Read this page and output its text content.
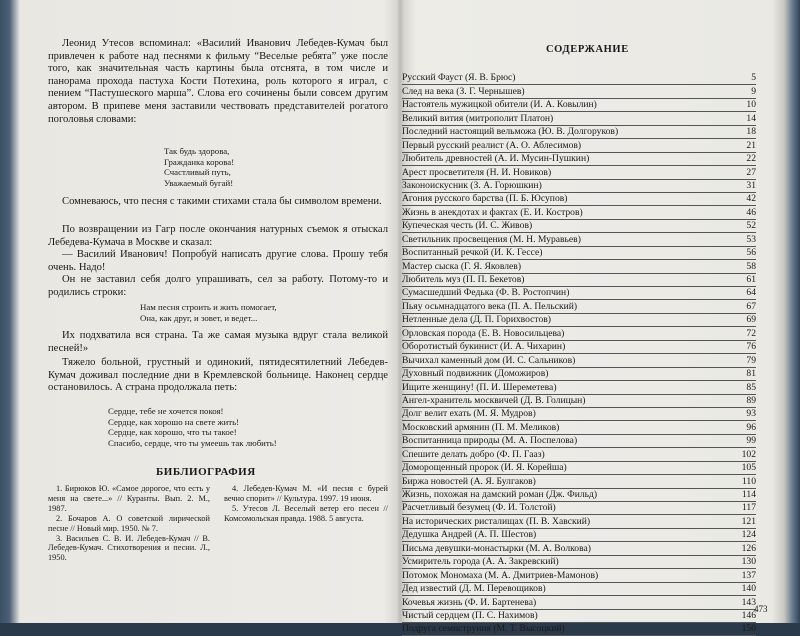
Леонид Утесов вспоминал: «Василий Иванович Лебедев-Кумач был привлечен к работе над песнями к фильму “Веселые ребята” уже после того, как значительная часть картины была отснята, в том числе и панорама прохода пастуха Кости Потехина, роль которого я играл, с пением “Пастушеского марша”. Слова его сочинены были совсем другим автором. В припеве меня заставили чествовать представителей рогатого поголовья словами:

Так будь здорова,
Гражданка корова!
Счастливый путь,
Уважаемый бугай!

Сомневаюсь, что песня с такими стихами стала бы символом времени.

По возвращении из Гагр после окончания натурных съемок я отыскал Лебедева-Кумача в Москве и сказал:

— Василий Иванович! Попробуй написать другие слова. Прошу тебя очень. Надо!

Он не заставил себя долго упрашивать, сел за работу. Потому-то и родились строки:

Нам песня строить и жить помогает,
Она, как друг, и зовет, и ведет...

Их подхватила вся страна. Та же самая музыка вдруг стала великой песней!»

Тяжело больной, грустный и одинокий, пятидесятилетний Лебедев-Кумач доживал последние дни в Кремлевской больнице. Наконец сердце остановилось. А страна продолжала петь:

Сердце, тебе не хочется покоя!
Сердце, как хорошо на свете жить!
Сердце, как хорошо, что ты такое!
Спасибо, сердце, что ты умеешь так любить!
БИБЛИОГРАФИЯ

1. Бирюков Ю. «Самое дорогое, что есть у меня на свете...» // Куранты. Вып. 2. М., 1987.

2. Бочаров А. О советской лирической песне // Новый мир. 1950. № 7.

3. Васильев С. В. И. Лебедев-Кумач // В. Лебедев-Кумач. Стихотворения и песни. Л., 1950.

4. Лебедев-Кумач М. «И песня с бурей вечно спорит» // Культура. 1997. 19 июня.

5. Утесов Л. Веселый ветер его песен // Комсомольская правда. 1988. 5 августа.

СОДЕРЖАНИЕ
Русский Фауст (Я. В. Брюс)	5
След на века (З. Г. Чернышев)	9
Настоятель мужицкой обители (И. А. Ковылин)	10
Великий вития (митрополит Платон)	14
Последний настоящий вельможа (Ю. В. Долгоруков)	18
Первый русский реалист (А. О. Аблесимов)	21
Любитель древностей (А. И. Мусин-Пушкин)	22
Арест просветителя (Н. И. Новиков)	27
Законоискусник (З. А. Горюшкин)	31
Агония русского барства (П. Б. Юсупов)	42
Жизнь в анекдотах и фактах (Е. И. Костров)	46
Купеческая честь (И. С. Живов)	52
Светильник просвещения (М. Н. Муравьев)	53
Воспитанный речкой (И. К. Гессе)	56
Мастер сыска (Г. Я. Яковлев)	58
Любитель муз (П. П. Бекетов)	61
Сумасшедший Федька (Ф. В. Ростопчин)	64
Пьяу осьмнадцатого века (П. А. Пельский)	67
Нетленные дела (Д. П. Горихвостов)	69
Орловская порода (Е. В. Новосильцева)	72
Оборотистый букинист (И. А. Чихарин)	76
Вычихал каменный дом (И. С. Сальников)	79
Духовный подвижник (Доможиров)	81
Ищите женщину! (П. И. Шереметева)	85
Ангел-хранитель москвичей (Д. В. Голицын)	89
Долг велит ехать (М. Я. Мудров)	93
Московский армянин (П. М. Меликов)	96
Воспитанница природы (М. А. Поспелова)	99
Спешите делать добро (Ф. П. Гааз)	102
Доморощенный пророк (И. Я. Корейша)	105
Биржа новостей (А. Я. Булгаков)	110
Жизнь, похожая на дамский роман (Дж. Фильд)	114
Расчетливый безумец (Ф. И. Толстой)	117
На исторических ристалищах (П. В. Хавский)	121
Дедушка Андрей (А. П. Шестов)	124
Письма девушки-монастырки (М. А. Волкова)	126
Усмиритель города (А. А. Закревский)	130
Потомок Мономаха (М. А. Дмитриев-Мамонов)	137
Дед известий (Д. М. Перевощиков)	140
Кочевья жизнь (Ф. И. Бартенева)	143
Чистый сердцем (П. С. Нахимов)	146
Подруга семнструния (М. Т. Высоцкий)	150
473
